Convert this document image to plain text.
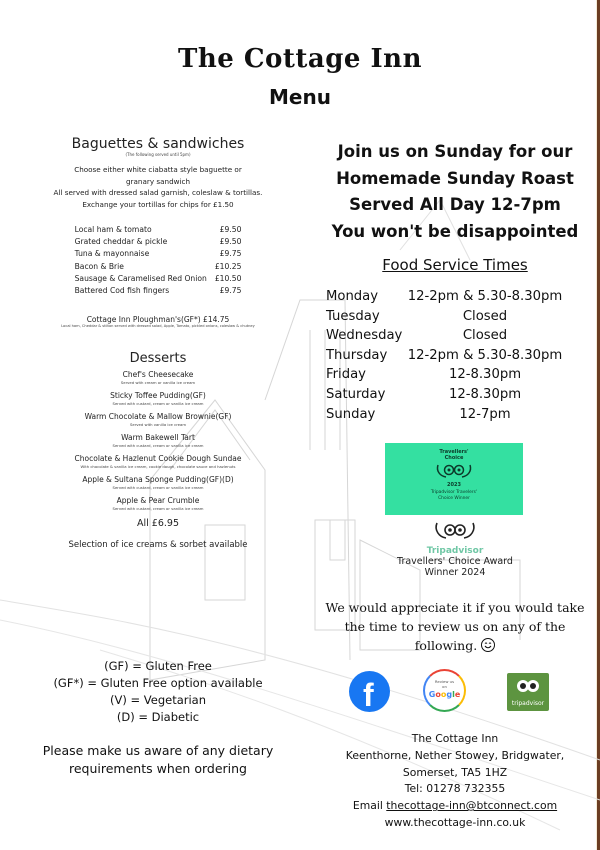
The Cottage Inn
Menu
Baguettes & sandwiches
(The following served until 5pm)
Choose either white ciabatta style baguette or
granary sandwich
All served with dressed salad garnish, coleslaw & tortillas.
Exchange your tortillas for chips for £1.50
Local ham & tomato	£9.50
Grated cheddar & pickle	£9.50
Tuna & mayonnaise	£9.75
Bacon & Brie	£10.25
Sausage & Caramelised Red Onion	£10.50
Battered Cod fish fingers	£9.75
Cottage Inn Ploughman's(GF*) £14.75
Local ham, Cheddar & stilton served with dressed salad, Apple, Tomato, pickled onions, coleslaw & chutney
Desserts
Chef's Cheesecake
Served with cream or vanilla ice cream
Sticky Toffee Pudding(GF)
Served with custard, cream or vanilla ice cream
Warm Chocolate & Mallow Brownie(GF)
Served with vanilla ice cream
Warm Bakewell Tart
Served with custard, cream or vanilla ice cream
Chocolate & Hazlenut Cookie Dough Sundae
With chocolate & vanilla ice cream, cookie dough, chocolate sauce and hazlenuts
Apple & Sultana Sponge Pudding(GF)(D)
Served with custard, cream or vanilla ice cream
Apple & Pear Crumble
Served with custard, cream or vanilla ice cream
All £6.95
Selection of ice creams & sorbet available
(GF) = Gluten Free
(GF*) = Gluten Free option available
(V) = Vegetarian
(D) = Diabetic
Please make us aware of any dietary
requirements when ordering
Join us on Sunday for our
Homemade Sunday Roast
Served All Day 12-7pm
You won't be disappointed
Food Service Times
Monday	12-2pm & 5.30-8.30pm
Tuesday	Closed
Wednesday	Closed
Thursday	12-2pm & 5.30-8.30pm
Friday	12-8.30pm
Saturday	12-8.30pm
Sunday	12-7pm
Travellers'
Choice
2023
Tripadvisor Travelers'
Choice Winner
Tripadvisor
Travellers' Choice Award
Winner 2024
We would appreciate it if you would take
the time to review us on any of the
following.
f	Review us
on
Google
tripadvisor
The Cottage Inn
Keenthorne, Nether Stowey, Bridgwater,
Somerset, TA5 1HZ
Tel: 01278 732355
Email thecottage-inn@btconnect.com
www.thecottage-inn.co.uk
